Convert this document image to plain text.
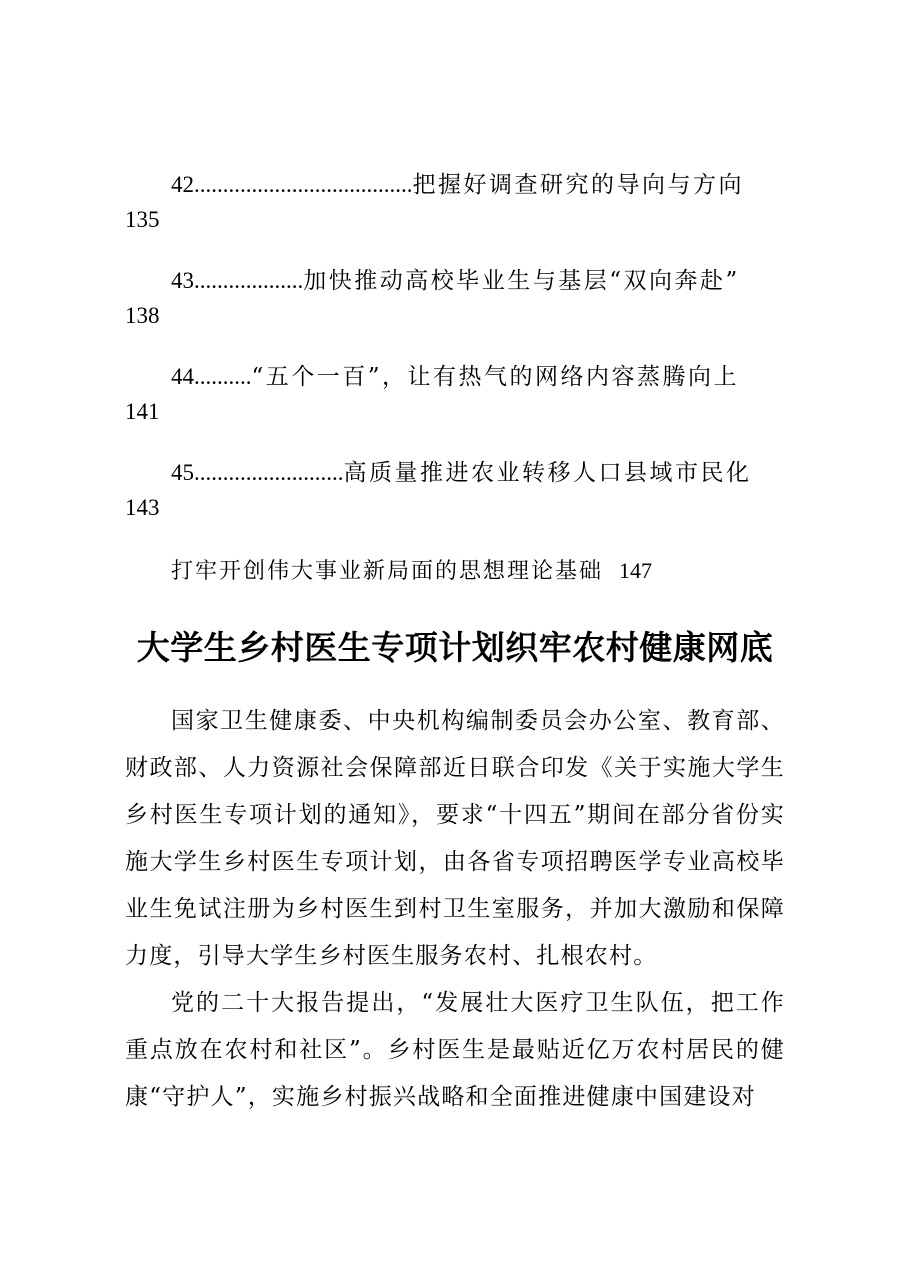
42 ...................................... 把握好调查研究的导向与方向
135
43 ................... 加快推动高校毕业生与基层“双向奔赴”
138
44 .......... “五个一百”，让有热气的网络内容蒸腾向上
141
45 .......................... 高质量推进农业转移人口县域市民化
143
打牢开创伟大事业新局面的思想理论基础 147
大学生乡村医生专项计划织牢农村健康网底

国家卫生健康委、中央机构编制委员会办公室、教育部、财政部、人力资源社会保障部近日联合印发《关于实施大学生乡村医生专项计划的通知》，要求“十四五”期间在部分省份实施大学生乡村医生专项计划，由各省专项招聘医学专业高校毕业生免试注册为乡村医生到村卫生室服务，并加大激励和保障力度，引导大学生乡村医生服务农村、扎根农村。

党的二十大报告提出，“发展壮大医疗卫生队伍，把工作重点放在农村和社区”。乡村医生是最贴近亿万农村居民的健康“守护人”，实施乡村振兴战略和全面推进健康中国建设对
